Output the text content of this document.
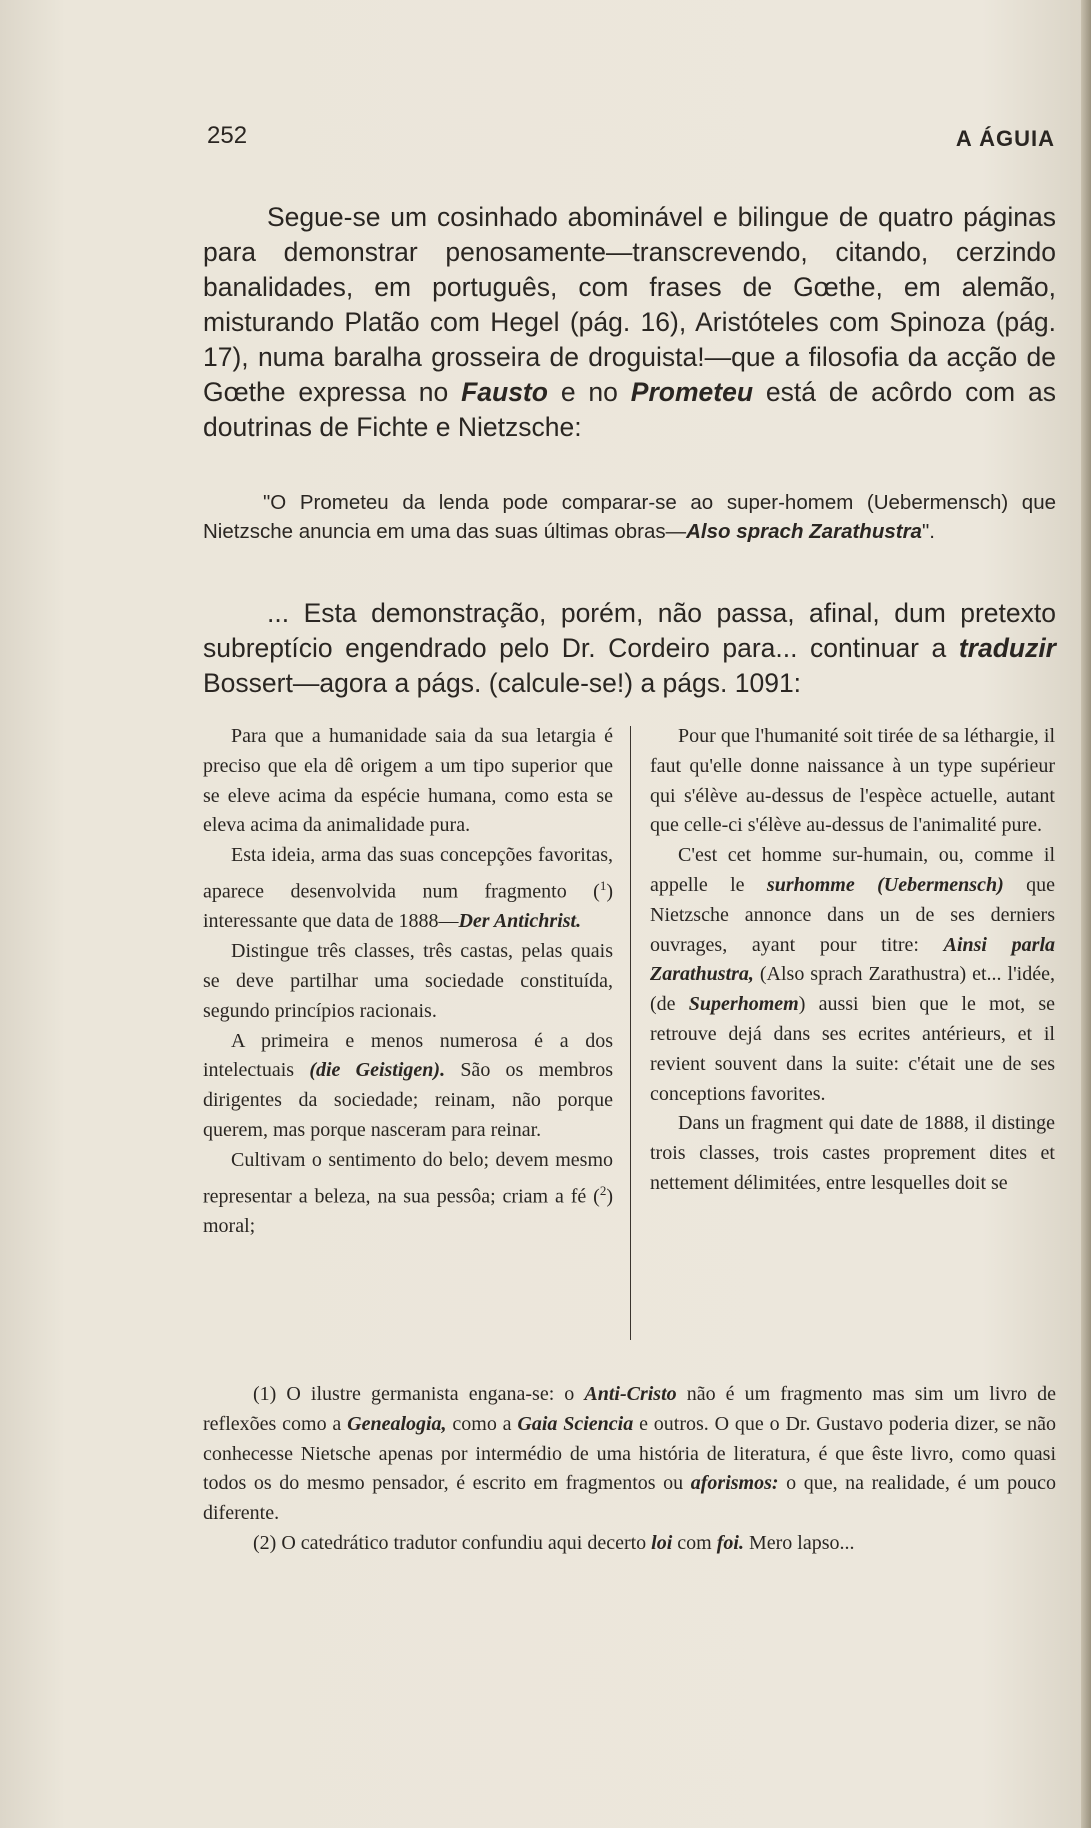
252	A ÁGUIA
Segue-se um cosinhado abominável e bilingue de quatro páginas para demonstrar penosamente—transcrevendo, citando, cerzindo banalidades, em português, com frases de Gœthe, em alemão, misturando Platão com Hegel (pág. 16), Aristóteles com Spinoza (pág. 17), numa baralha grosseira de droguista!—que a filosofia da acção de Gœthe expressa no Fausto e no Prometeu está de acôrdo com as doutrinas de Fichte e Nietzsche:
"O Prometeu da lenda pode comparar-se ao super-homem (Uebermensch) que Nietzsche anuncia em uma das suas últimas obras—Also sprach Zarathustra".
... Esta demonstração, porém, não passa, afinal, dum pretexto subreptício engendrado pelo Dr. Cordeiro para... continuar a traduzir Bossert—agora a págs. (calcule-se!) a págs. 1091:

Para que a humanidade saia da sua letargia é preciso que ela dê origem a um tipo superior que se eleve acima da espécie humana, como esta se eleva acima da animalidade pura.

Esta ideia, arma das suas concepções favoritas, aparece desenvolvida num fragmento ($^1$) interessante que data de 1888—Der Antichrist.

Distingue três classes, três castas, pelas quais se deve partilhar uma sociedade constituída, segundo princípios racionais.

A primeira e menos numerosa é a dos intelectuais (die Geistigen). São os membros dirigentes da sociedade; reinam, não porque querem, mas porque nasceram para reinar.

Cultivam o sentimento do belo; devem mesmo representar a beleza, na sua pessôa; criam a fé ($^2$) moral;

Pour que l'humanité soit tirée de sa léthargie, il faut qu'elle donne naissance à un type supérieur qui s'élève au-dessus de l'espèce actuelle, autant que celle-ci s'élève au-dessus de l'animalité pure.

C'est cet homme sur-humain, ou, comme il appelle le surhomme (Uebermensch) que Nietzsche annonce dans un de ses derniers ouvrages, ayant pour titre: Ainsi parla Zarathustra, (Also sprach Zarathustra) et... l'idée, (de Superhomem) aussi bien que le mot, se retrouve dejá dans ses ecrites antérieurs, et il revient souvent dans la suite: c'était une de ses conceptions favorites.

Dans un fragment qui date de 1888, il distinge trois classes, trois castes proprement dites et nettement délimitées, entre lesquelles doit se

(1) O ilustre germanista engana-se: o Anti-Cristo não é um fragmento mas sim um livro de reflexões como a Genealogia, como a Gaia Sciencia e outros. O que o Dr. Gustavo poderia dizer, se não conhecesse Nietsche apenas por intermédio de uma história de literatura, é que êste livro, como quasi todos os do mesmo pensador, é escrito em fragmentos ou aforismos: o que, na realidade, é um pouco diferente.

(2) O catedrático tradutor confundiu aqui decerto loi com foi. Mero lapso...
